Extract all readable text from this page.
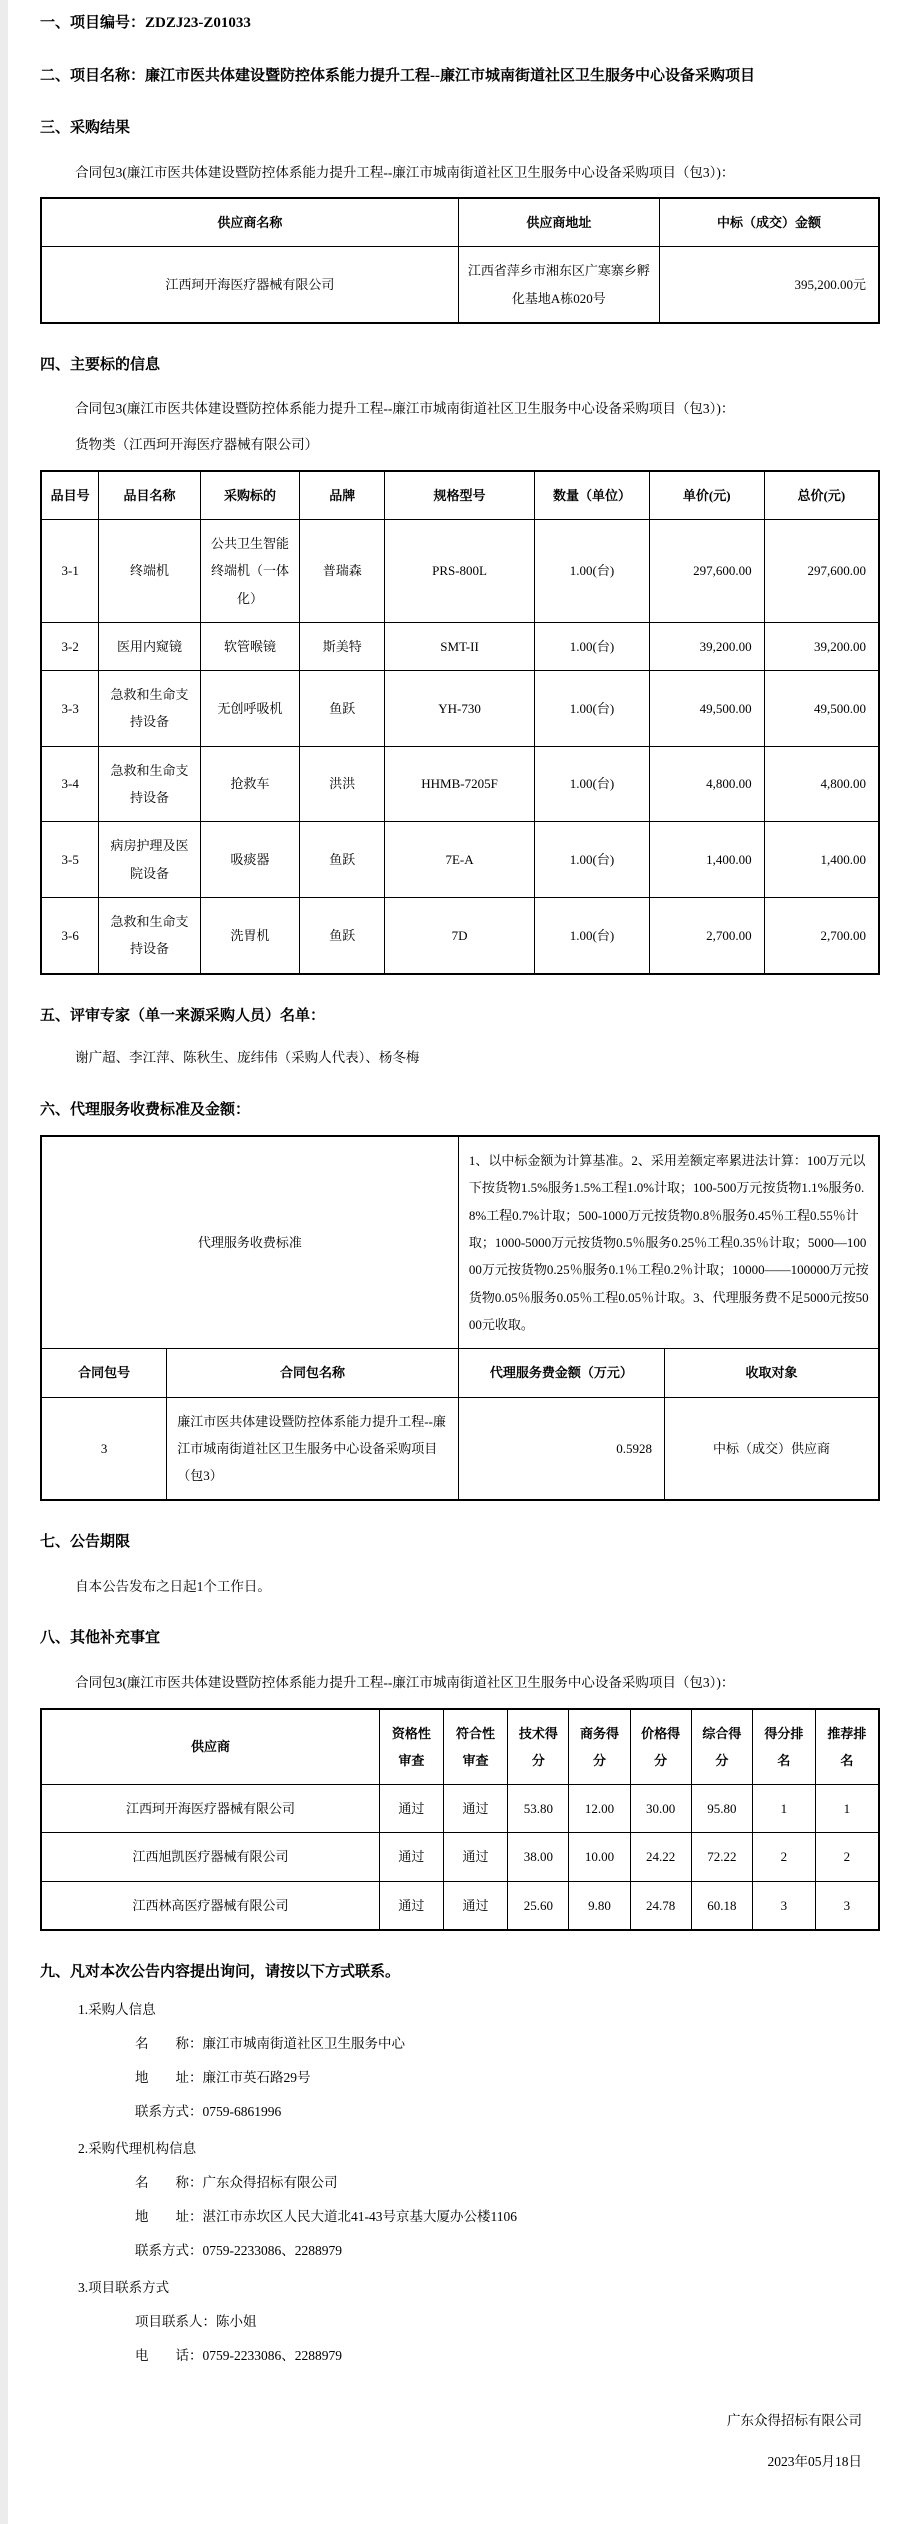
一、项目编号：ZDZJ23-Z01033
二、项目名称：廉江市医共体建设暨防控体系能力提升工程--廉江市城南街道社区卫生服务中心设备采购项目
三、采购结果
合同包3(廉江市医共体建设暨防控体系能力提升工程--廉江市城南街道社区卫生服务中心设备采购项目（包3）)：
供应商名称	供应商地址	中标（成交）金额
江西珂开海医疗器械有限公司	江西省萍乡市湘东区广寒寨乡孵化基地A栋020号	395,200.00元
四、主要标的信息
合同包3(廉江市医共体建设暨防控体系能力提升工程--廉江市城南街道社区卫生服务中心设备采购项目（包3）)：
货物类（江西珂开海医疗器械有限公司）
品目号	品目名称	采购标的	品牌	规格型号	数量（单位）	单价(元)	总价(元)
3-1	终端机	公共卫生智能终端机（一体化）	普瑞森	PRS-800L	1.00(台)	297,600.00	297,600.00
3-2	医用内窥镜	软管喉镜	斯美特	SMT-II	1.00(台)	39,200.00	39,200.00
3-3	急救和生命支持设备	无创呼吸机	鱼跃	YH-730	1.00(台)	49,500.00	49,500.00
3-4	急救和生命支持设备	抢救车	洪洪	HHMB-7205F	1.00(台)	4,800.00	4,800.00
3-5	病房护理及医院设备	吸痰器	鱼跃	7E-A	1.00(台)	1,400.00	1,400.00
3-6	急救和生命支持设备	洗胃机	鱼跃	7D	1.00(台)	2,700.00	2,700.00
五、评审专家（单一来源采购人员）名单：
谢广超、李江萍、陈秋生、庞纬伟（采购人代表）、杨冬梅
六、代理服务收费标准及金额：
代理服务收费标准		1、以中标金额为计算基准。2、采用差额定率累进法计算：100万元以下按货物1.5%服务1.5%工程1.0%计取；100-500万元按货物1.1%服务0.8%工程0.7%计取；500-1000万元按货物0.8％服务0.45％工程0.55％计取；1000-5000万元按货物0.5％服务0.25％工程0.35％计取；5000—10000万元按货物0.25％服务0.1％工程0.2％计取；10000——100000万元按货物0.05％服务0.05％工程0.05％计取。3、代理服务费不足5000元按5000元收取。	
合同包号	合同包名称	代理服务费金额（万元）	收取对象
3	廉江市医共体建设暨防控体系能力提升工程--廉江市城南街道社区卫生服务中心设备采购项目（包3）	0.5928	中标（成交）供应商
七、公告期限
自本公告发布之日起1个工作日。
八、其他补充事宜
合同包3(廉江市医共体建设暨防控体系能力提升工程--廉江市城南街道社区卫生服务中心设备采购项目（包3）)：
供应商	资格性审查	符合性审查	技术得分	商务得分	价格得分	综合得分	得分排名	推荐排名
江西珂开海医疗器械有限公司	通过	通过	53.80	12.00	30.00	95.80	1	1
江西旭凯医疗器械有限公司	通过	通过	38.00	10.00	24.22	72.22	2	2
江西林高医疗器械有限公司	通过	通过	25.60	9.80	24.78	60.18	3	3
九、凡对本次公告内容提出询问，请按以下方式联系。
1.采购人信息
名　　称：廉江市城南街道社区卫生服务中心
地　　址：廉江市英石路29号
联系方式：0759-6861996
2.采购代理机构信息
名　　称：广东众得招标有限公司
地　　址：湛江市赤坎区人民大道北41-43号京基大厦办公楼1106
联系方式：0759-2233086、2288979
3.项目联系方式
项目联系人：陈小姐
电　　话：0759-2233086、2288979
广东众得招标有限公司
2023年05月18日
